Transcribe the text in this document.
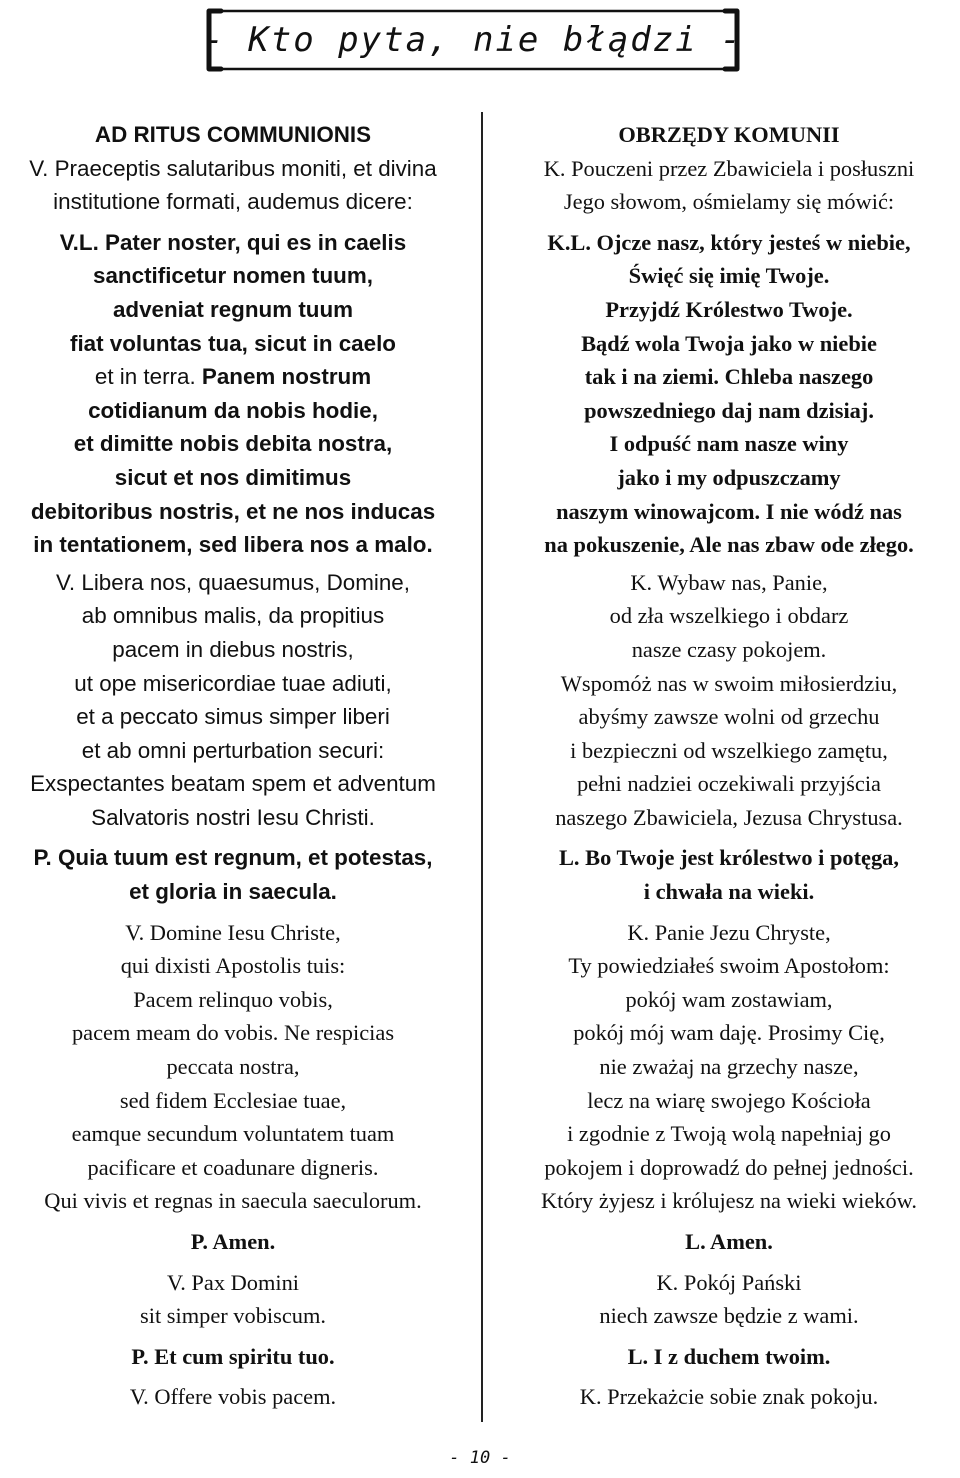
- Kto pyta, nie błądzi -
AD RITUS COMMUNIONIS
V. Praeceptis salutaribus moniti, et divina
institutione formati, audemus dicere:
V.L. Pater noster, qui es in caelis
sanctificetur nomen tuum,
adveniat regnum tuum
fiat voluntas tua, sicut in caelo
et in terra. Panem nostrum
cotidianum da nobis hodie,
et dimitte nobis debita nostra,
sicut et nos dimitimus
debitoribus nostris, et ne nos inducas
in tentationem, sed libera nos a malo.
V. Libera nos, quaesumus, Domine,
ab omnibus malis, da propitius
pacem in diebus nostris,
ut ope misericordiae tuae adiuti,
et a peccato simus simper liberi
et ab omni perturbation securi:
Exspectantes beatam spem et adventum
Salvatoris nostri Iesu Christi.
P. Quia tuum est regnum, et potestas,
et gloria in saecula.
V. Domine Iesu Christe,
qui dixisti Apostolis tuis:
Pacem relinquo vobis,
pacem meam do vobis. Ne respicias
peccata nostra,
sed fidem Ecclesiae tuae,
eamque secundum voluntatem tuam
pacificare et coadunare digneris.
Qui vivis et regnas in saecula saeculorum.
P. Amen.
V. Pax Domini
sit simper vobiscum.
P. Et cum spiritu tuo.
V. Offere vobis pacem.
OBRZĘDY KOMUNII
K. Pouczeni przez Zbawiciela i posłuszni
Jego słowom, ośmielamy się mówić:
K.L. Ojcze nasz, który jesteś w niebie,
Święć się imię Twoje.
Przyjdź Królestwo Twoje.
Bądź wola Twoja jako w niebie
tak i na ziemi. Chleba naszego
powszedniego daj nam dzisiaj.
I odpuść nam nasze winy
jako i my odpuszczamy
naszym winowajcom. I nie wódź nas
na pokuszenie, Ale nas zbaw ode złego.
K. Wybaw nas, Panie,
od zła wszelkiego i obdarz
nasze czasy pokojem.
Wspomóż nas w swoim miłosierdziu,
abyśmy zawsze wolni od grzechu
i bezpieczni od wszelkiego zamętu,
pełni nadziei oczekiwali przyjścia
naszego Zbawiciela, Jezusa Chrystusa.
L. Bo Twoje jest królestwo i potęga,
i chwała na wieki.
K. Panie Jezu Chryste,
Ty powiedziałeś swoim Apostołom:
pokój wam zostawiam,
pokój mój wam daję. Prosimy Cię,
nie zważaj na grzechy nasze,
lecz na wiarę swojego Kościoła
i zgodnie z Twoją wolą napełniaj go
pokojem i doprowadź do pełnej jedności.
Który żyjesz i królujesz na wieki wieków.
L. Amen.
K. Pokój Pański
niech zawsze będzie z wami.
L. I z duchem twoim.
K. Przekażcie sobie znak pokoju.
- 10 -
